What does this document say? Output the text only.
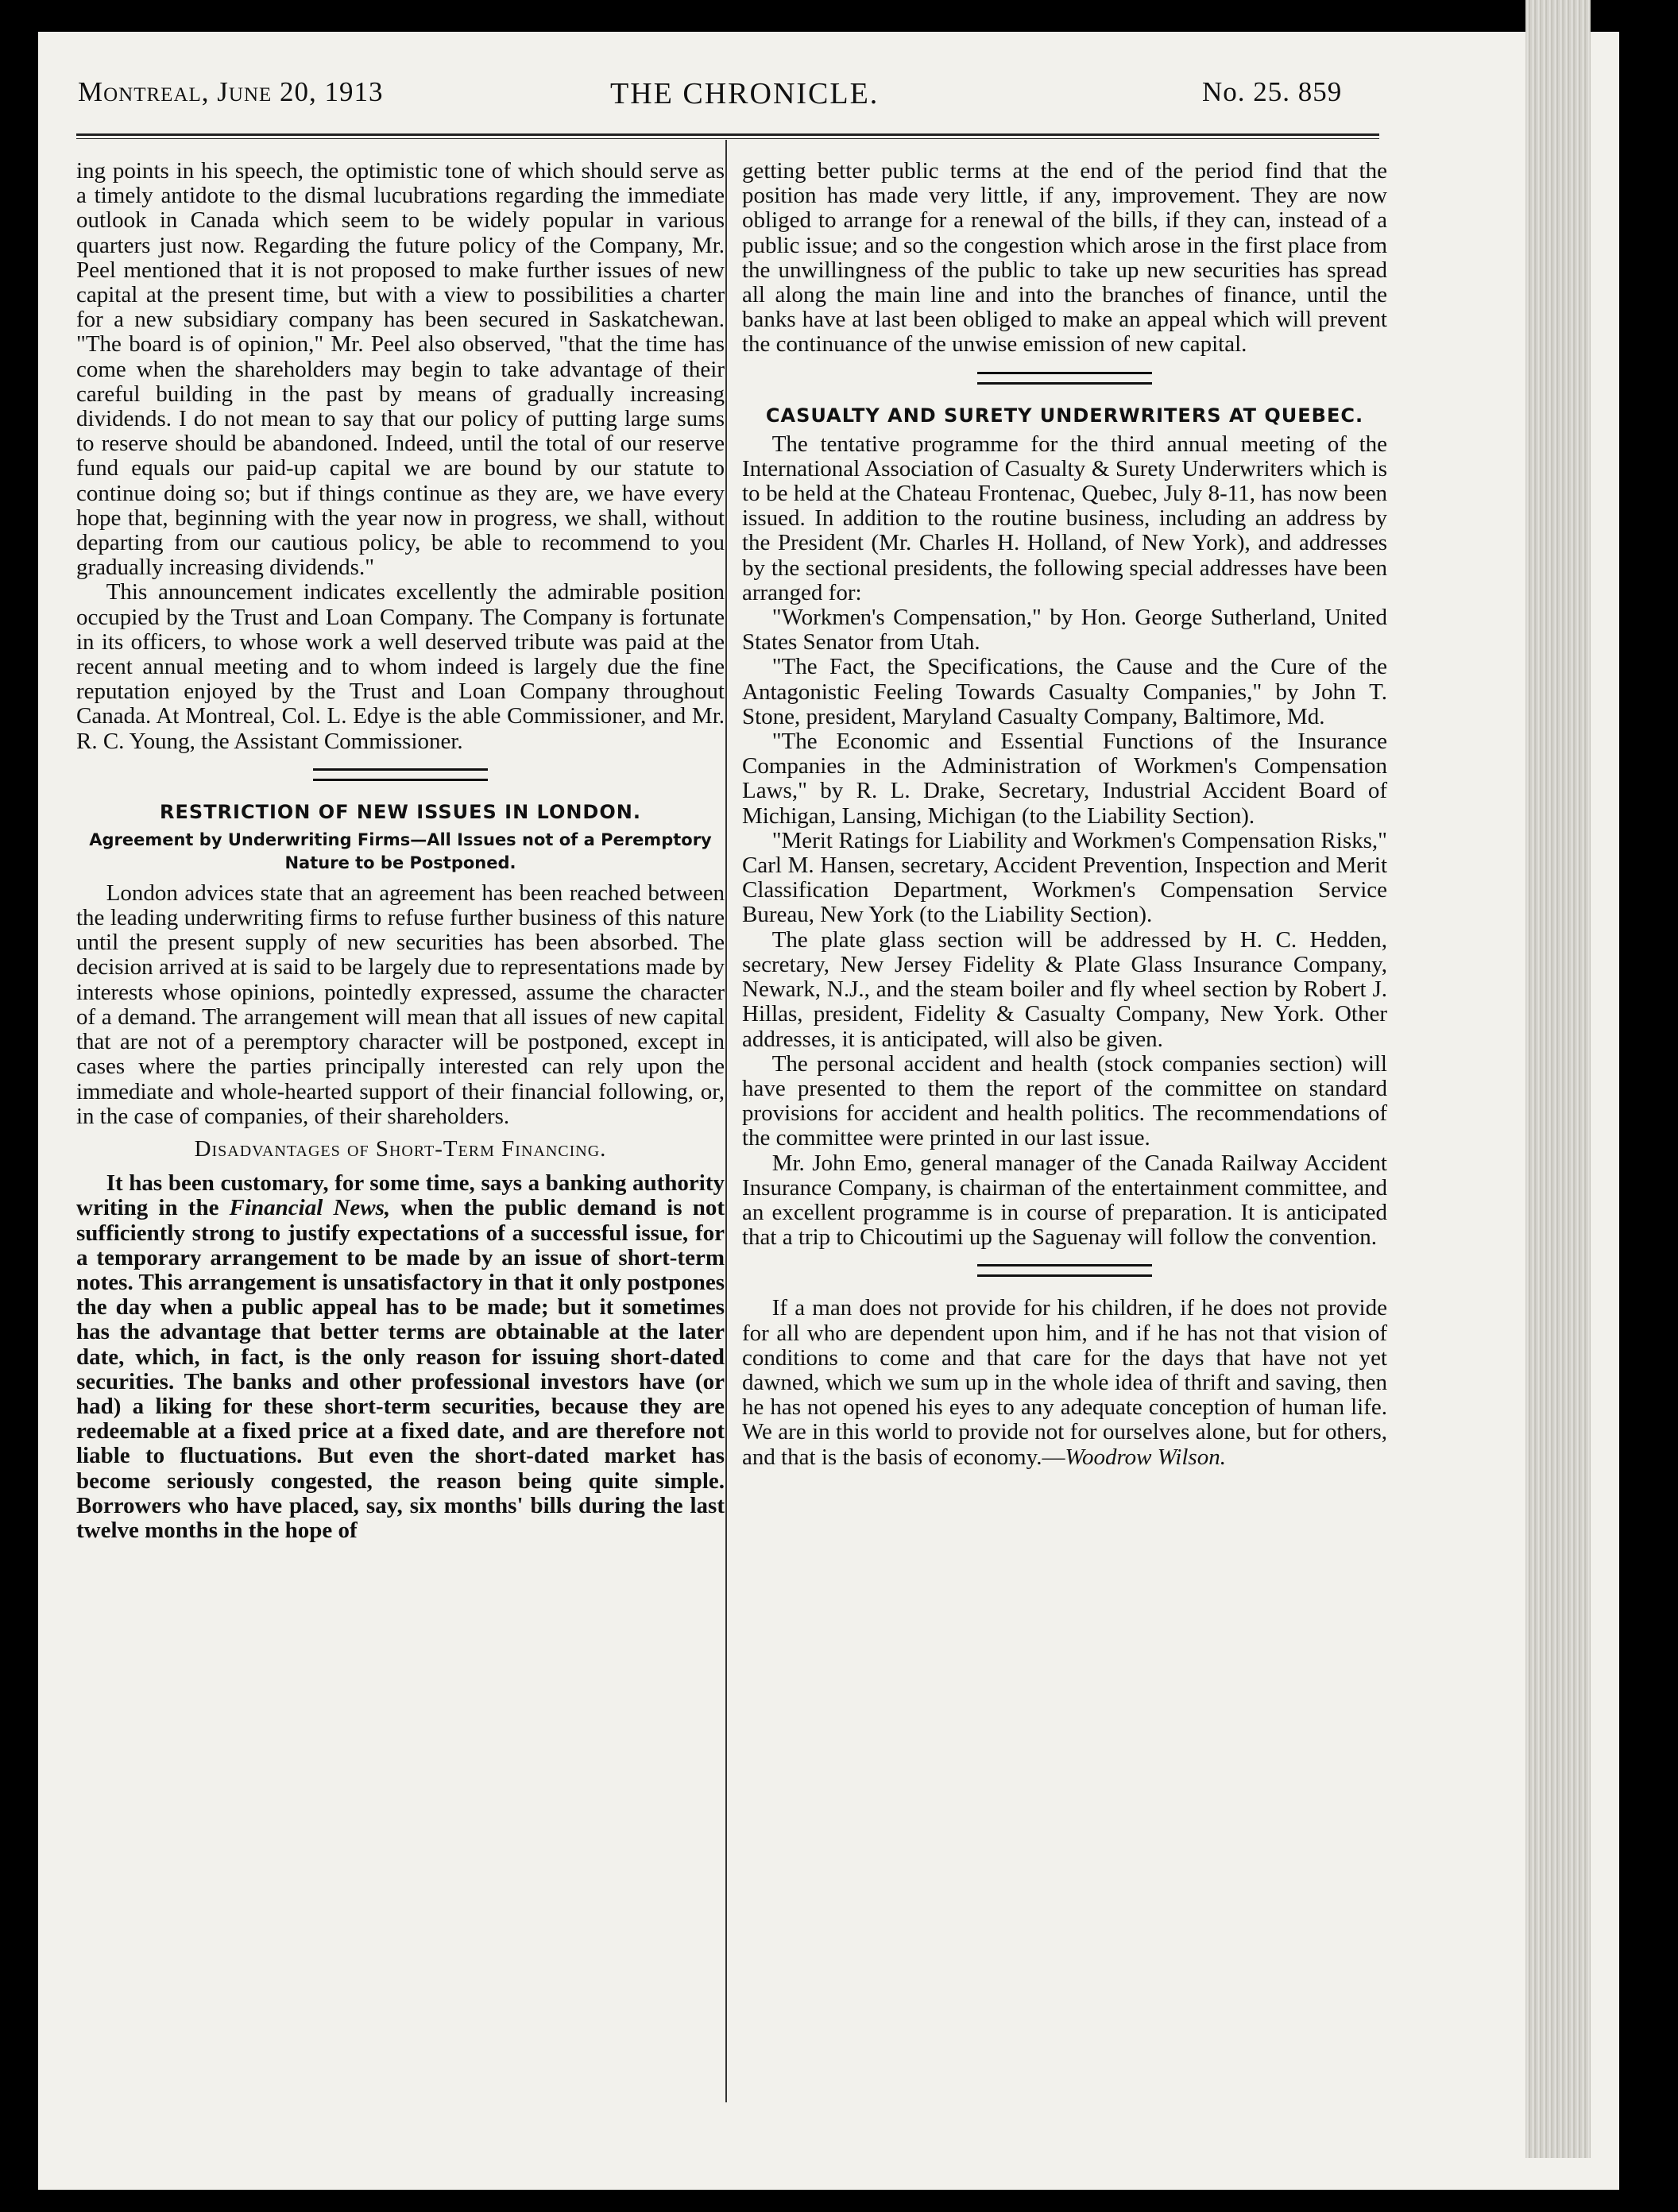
Montreal, June 20, 1913	THE CHRONICLE.	No. 25. 859

ing points in his speech, the optimistic tone of which should serve as a timely antidote to the dismal lucubrations regarding the immediate outlook in Canada which seem to be widely popular in various quarters just now. Regarding the future policy of the Company, Mr. Peel mentioned that it is not proposed to make further issues of new capital at the present time, but with a view to possibilities a charter for a new subsidiary company has been secured in Saskatchewan. "The board is of opinion," Mr. Peel also observed, "that the time has come when the shareholders may begin to take advantage of their careful building in the past by means of gradually increasing dividends. I do not mean to say that our policy of putting large sums to reserve should be abandoned. Indeed, until the total of our reserve fund equals our paid-up capital we are bound by our statute to continue doing so; but if things continue as they are, we have every hope that, beginning with the year now in progress, we shall, without departing from our cautious policy, be able to recommend to you gradually increasing dividends."

This announcement indicates excellently the admirable position occupied by the Trust and Loan Company. The Company is fortunate in its officers, to whose work a well deserved tribute was paid at the recent annual meeting and to whom indeed is largely due the fine reputation enjoyed by the Trust and Loan Company throughout Canada. At Montreal, Col. L. Edye is the able Commissioner, and Mr. R. C. Young, the Assistant Commissioner.

RESTRICTION OF NEW ISSUES IN LONDON.
Agreement by Underwriting Firms—All Issues not of a Peremptory Nature to be Postponed.

London advices state that an agreement has been reached between the leading underwriting firms to refuse further business of this nature until the present supply of new securities has been absorbed. The decision arrived at is said to be largely due to representations made by interests whose opinions, pointedly expressed, assume the character of a demand. The arrangement will mean that all issues of new capital that are not of a peremptory character will be postponed, except in cases where the parties principally interested can rely upon the immediate and whole-hearted support of their financial following, or, in the case of companies, of their shareholders.

Disadvantages of Short-Term Financing.

It has been customary, for some time, says a banking authority writing in the Financial News, when the public demand is not sufficiently strong to justify expectations of a successful issue, for a temporary arrangement to be made by an issue of short-term notes. This arrangement is unsatisfactory in that it only postpones the day when a public appeal has to be made; but it sometimes has the advantage that better terms are obtainable at the later date, which, in fact, is the only reason for issuing short-dated securities. The banks and other professional investors have (or had) a liking for these short-term securities, because they are redeemable at a fixed price at a fixed date, and are therefore not liable to fluctuations. But even the short-dated market has become seriously congested, the reason being quite simple. Borrowers who have placed, say, six months' bills during the last twelve months in the hope of

getting better public terms at the end of the period find that the position has made very little, if any, improvement. They are now obliged to arrange for a renewal of the bills, if they can, instead of a public issue; and so the congestion which arose in the first place from the unwillingness of the public to take up new securities has spread all along the main line and into the branches of finance, until the banks have at last been obliged to make an appeal which will prevent the continuance of the unwise emission of new capital.

CASUALTY AND SURETY UNDERWRITERS AT QUEBEC.

The tentative programme for the third annual meeting of the International Association of Casualty & Surety Underwriters which is to be held at the Chateau Frontenac, Quebec, July 8-11, has now been issued. In addition to the routine business, including an address by the President (Mr. Charles H. Holland, of New York), and addresses by the sectional presidents, the following special addresses have been arranged for:

"Workmen's Compensation," by Hon. George Sutherland, United States Senator from Utah.

"The Fact, the Specifications, the Cause and the Cure of the Antagonistic Feeling Towards Casualty Companies," by John T. Stone, president, Maryland Casualty Company, Baltimore, Md.

"The Economic and Essential Functions of the Insurance Companies in the Administration of Workmen's Compensation Laws," by R. L. Drake, Secretary, Industrial Accident Board of Michigan, Lansing, Michigan (to the Liability Section).

"Merit Ratings for Liability and Workmen's Compensation Risks," Carl M. Hansen, secretary, Accident Prevention, Inspection and Merit Classification Department, Workmen's Compensation Service Bureau, New York (to the Liability Section).

The plate glass section will be addressed by H. C. Hedden, secretary, New Jersey Fidelity & Plate Glass Insurance Company, Newark, N.J., and the steam boiler and fly wheel section by Robert J. Hillas, president, Fidelity & Casualty Company, New York. Other addresses, it is anticipated, will also be given.

The personal accident and health (stock companies section) will have presented to them the report of the committee on standard provisions for accident and health politics. The recommendations of the committee were printed in our last issue.

Mr. John Emo, general manager of the Canada Railway Accident Insurance Company, is chairman of the entertainment committee, and an excellent programme is in course of preparation. It is anticipated that a trip to Chicoutimi up the Saguenay will follow the convention.

If a man does not provide for his children, if he does not provide for all who are dependent upon him, and if he has not that vision of conditions to come and that care for the days that have not yet dawned, which we sum up in the whole idea of thrift and saving, then he has not opened his eyes to any adequate conception of human life. We are in this world to provide not for ourselves alone, but for others, and that is the basis of economy.—Woodrow Wilson.
